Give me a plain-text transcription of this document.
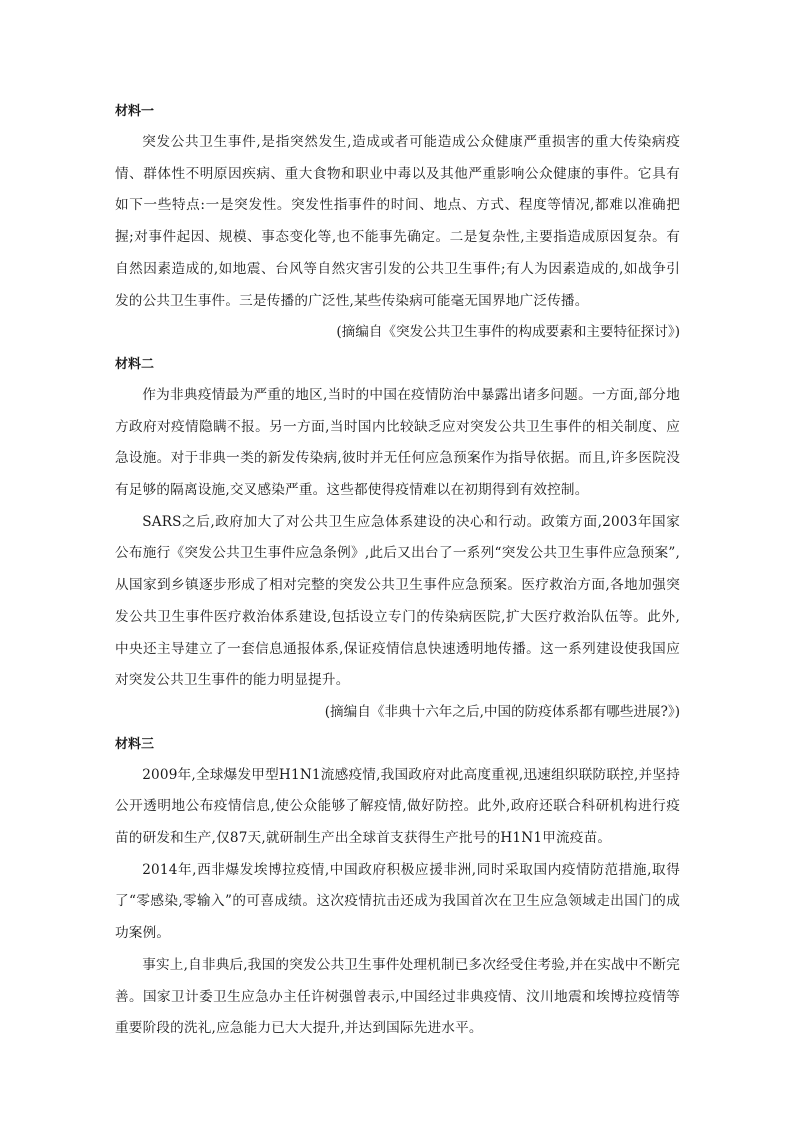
材料一

突发公共卫生事件,是指突然发生,造成或者可能造成公众健康严重损害的重大传染病疫情、群体性不明原因疾病、重大食物和职业中毒以及其他严重影响公众健康的事件。它具有如下一些特点:一是突发性。突发性指事件的时间、地点、方式、程度等情况,都难以准确把握;对事件起因、规模、事态变化等,也不能事先确定。二是复杂性,主要指造成原因复杂。有自然因素造成的,如地震、台风等自然灾害引发的公共卫生事件;有人为因素造成的,如战争引发的公共卫生事件。三是传播的广泛性,某些传染病可能毫无国界地广泛传播。

(摘编自《突发公共卫生事件的构成要素和主要特征探讨》)

材料二

作为非典疫情最为严重的地区,当时的中国在疫情防治中暴露出诸多问题。一方面,部分地方政府对疫情隐瞒不报。另一方面,当时国内比较缺乏应对突发公共卫生事件的相关制度、应急设施。对于非典一类的新发传染病,彼时并无任何应急预案作为指导依据。而且,许多医院没有足够的隔离设施,交叉感染严重。这些都使得疫情难以在初期得到有效控制。

SARS之后,政府加大了对公共卫生应急体系建设的决心和行动。政策方面,2003年国家公布施行《突发公共卫生事件应急条例》,此后又出台了一系列“突发公共卫生事件应急预案”,从国家到乡镇逐步形成了相对完整的突发公共卫生事件应急预案。医疗救治方面,各地加强突发公共卫生事件医疗救治体系建设,包括设立专门的传染病医院,扩大医疗救治队伍等。此外,中央还主导建立了一套信息通报体系,保证疫情信息快速透明地传播。这一系列建设使我国应对突发公共卫生事件的能力明显提升。

(摘编自《非典十六年之后,中国的防疫体系都有哪些进展?》)

材料三

2009年,全球爆发甲型H1N1流感疫情,我国政府对此高度重视,迅速组织联防联控,并坚持公开透明地公布疫情信息,使公众能够了解疫情,做好防控。此外,政府还联合科研机构进行疫苗的研发和生产,仅87天,就研制生产出全球首支获得生产批号的H1N1甲流疫苗。

2014年,西非爆发埃博拉疫情,中国政府积极应援非洲,同时采取国内疫情防范措施,取得了“零感染,零输入”的可喜成绩。这次疫情抗击还成为我国首次在卫生应急领域走出国门的成功案例。

事实上,自非典后,我国的突发公共卫生事件处理机制已多次经受住考验,并在实战中不断完善。国家卫计委卫生应急办主任许树强曾表示,中国经过非典疫情、汶川地震和埃博拉疫情等重要阶段的洗礼,应急能力已大大提升,并达到国际先进水平。
